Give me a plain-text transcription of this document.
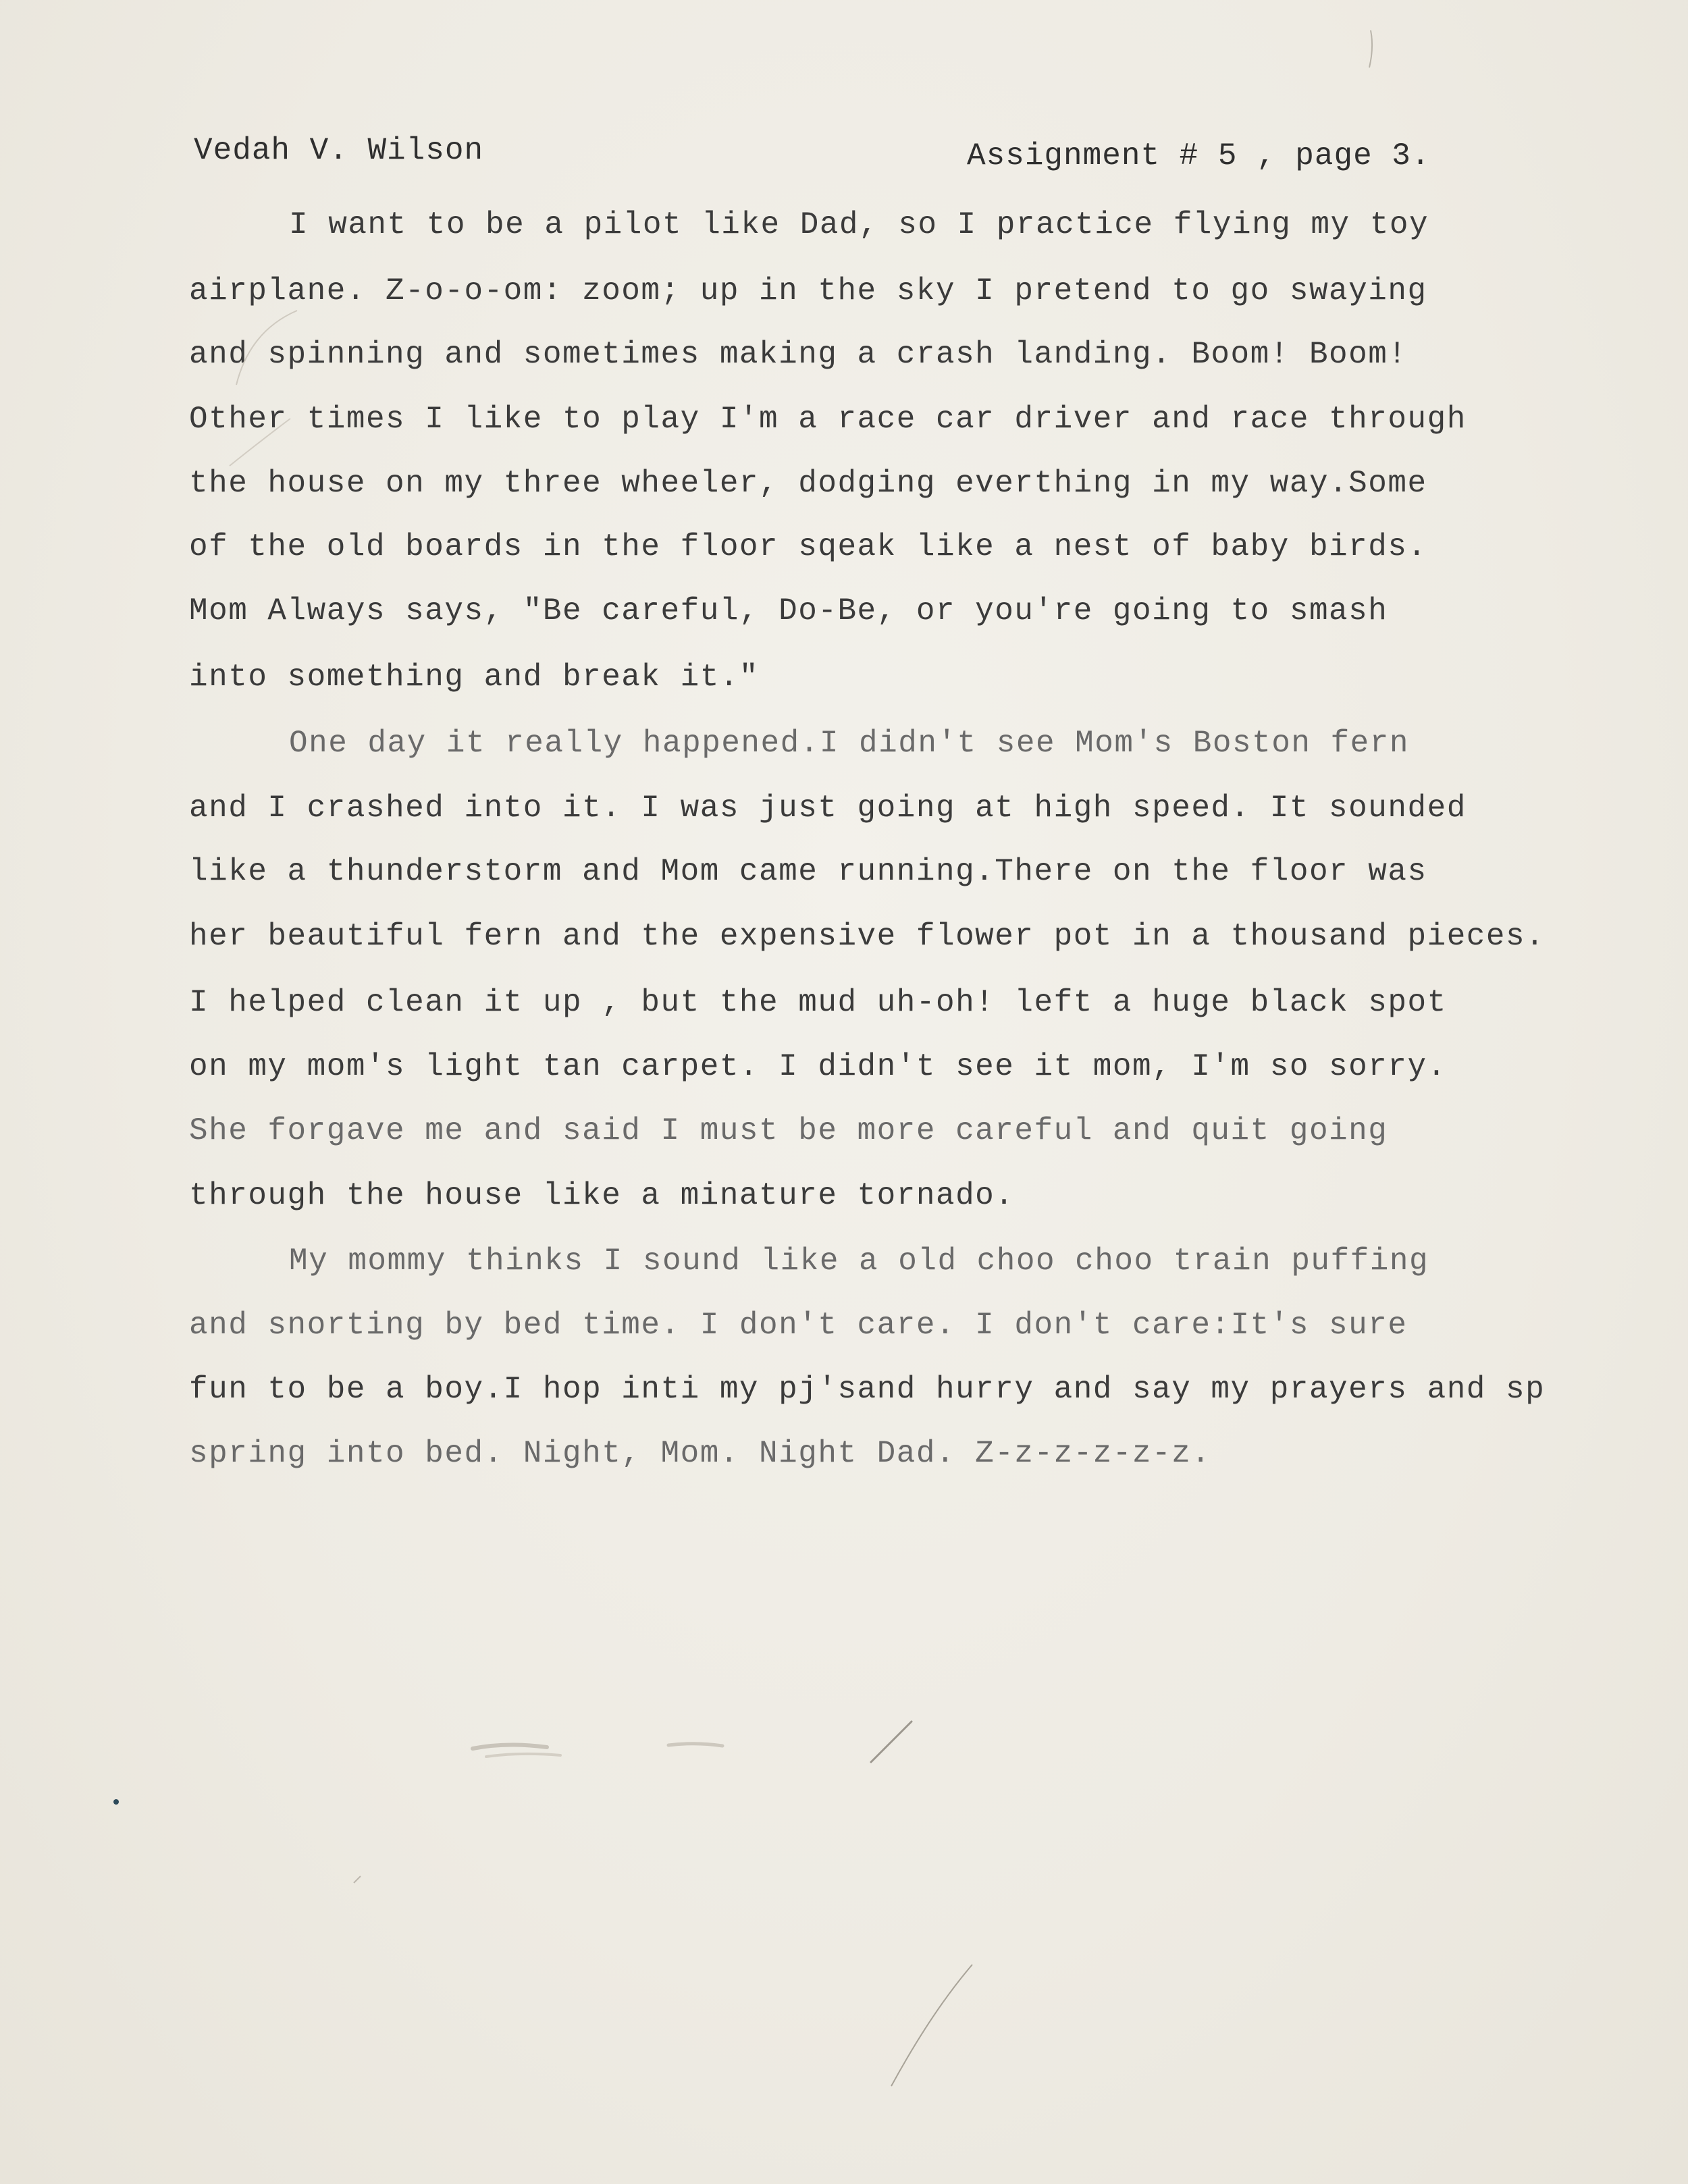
Vedah V. Wilson	Assignment # 5 , page 3.
I want to be a pilot like Dad, so I practice flying my toy
airplane. Z-o-o-om: zoom; up in the sky I pretend to go swaying
and spinning and sometimes making a crash landing. Boom! Boom!
Other times I like to play I'm a race car driver and race through
the house on my three wheeler, dodging everthing in my way.Some
of the old boards in the floor sqeak like a nest of baby birds.
Mom Always says, "Be careful, Do-Be, or you're going to smash
into something and break it."
One day it really happened.I didn't see Mom's Boston fern
and I crashed into it. I was just going at high speed. It sounded
like a thunderstorm and Mom came running.There on the floor was
her beautiful fern and the expensive flower pot in a thousand pieces.
I helped clean it up , but the mud uh-oh! left a huge black spot
on my mom's light tan carpet. I didn't see it mom, I'm so sorry.
She forgave me and said I must be more careful and quit going
through the house like a minature tornado.
My mommy thinks I sound like a old choo choo train puffing
and snorting by bed time. I don't care. I don't care:It's sure
fun to be a boy.I hop inti my pj'sand hurry and say my prayers and sp
spring into bed. Night, Mom. Night Dad. Z-z-z-z-z-z.
